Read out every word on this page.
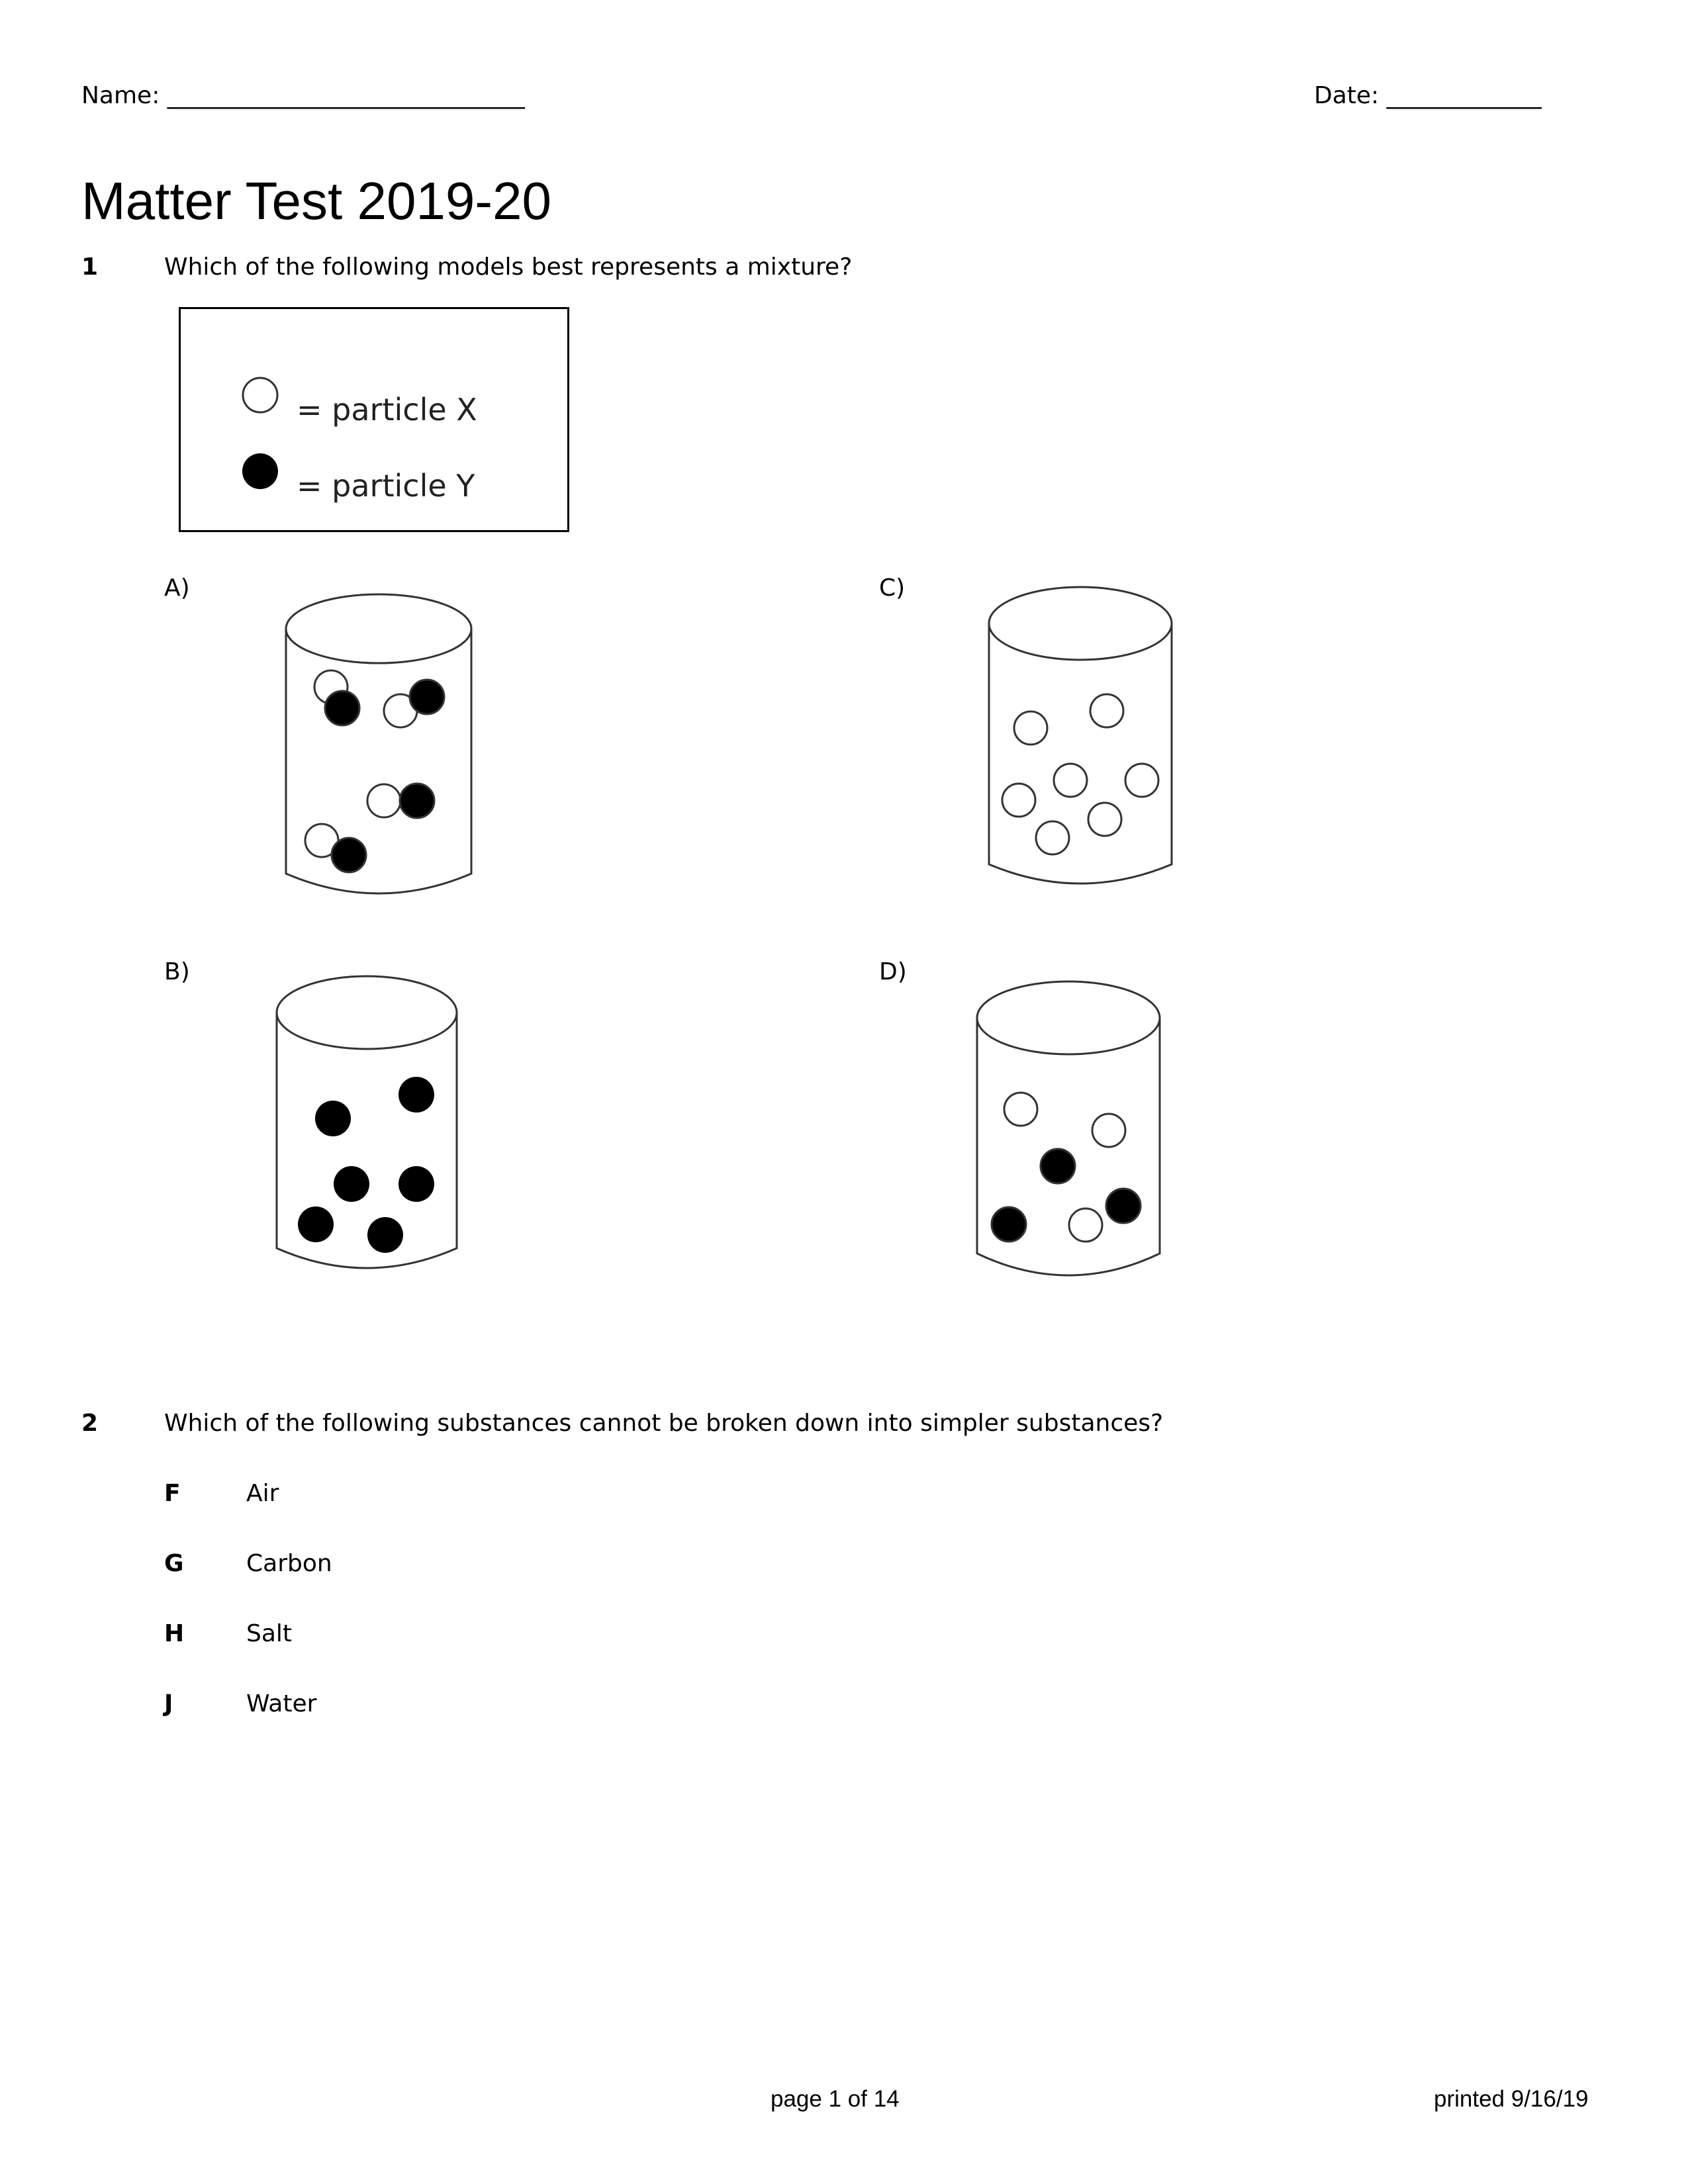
Name: ______________________________	Date: _____________

Matter Test 2019-20

1	Which of the following models best represents a mixture?

= particle X
= particle Y

A)	C)

B)	D)

2	Which of the following substances cannot be broken down into simpler substances?

F	Air

G	Carbon

H	Salt

J	Water

page 1 of 14	printed 9/16/19
